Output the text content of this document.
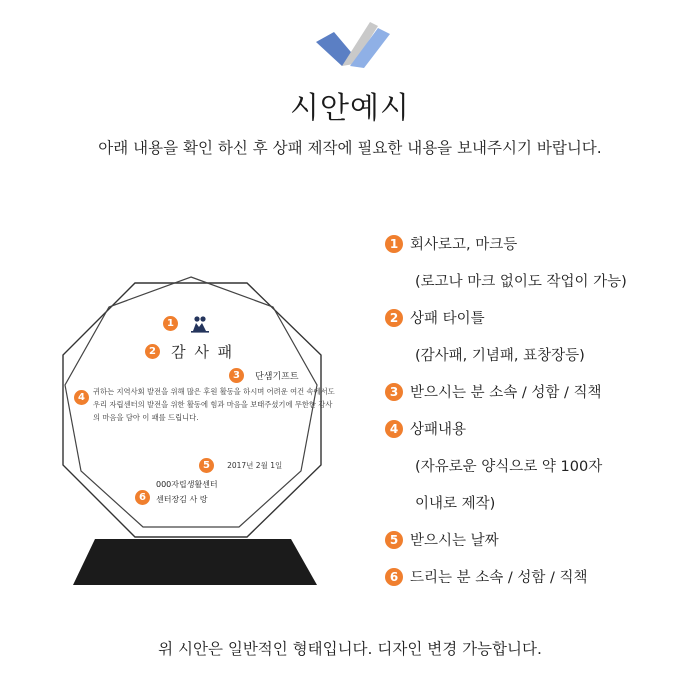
시안예시
아래 내용을 확인 하신 후 상패 제작에 필요한 내용을 보내주시기 바랍니다.
1
2 감 사 패
3 단샘기프트
4
귀하는 지역사회 발전을 위해 많은 후원 활동을 하시며 어려운 여건 속에서도 우리 자립센터의 발전을 위한 활동에 힘과 마음을 보태주셨기에 무한한 감사의 마음을 담아 이 패를 드립니다.
5 2017년 2월 1일
6
000자립생활센터
센터장김 사 랑
1 회사로고, 마크등
(로고나 마크 없이도 작업이 가능)
2 상패 타이틀
(감사패, 기념패, 표창장등)
3 받으시는 분 소속 / 성함 / 직책
4 상패내용
(자유로운 양식으로 약 100자
이내로 제작)
5 받으시는 날짜
6 드리는 분 소속 / 성함 / 직책
위 시안은 일반적인 형태입니다. 디자인 변경 가능합니다.
